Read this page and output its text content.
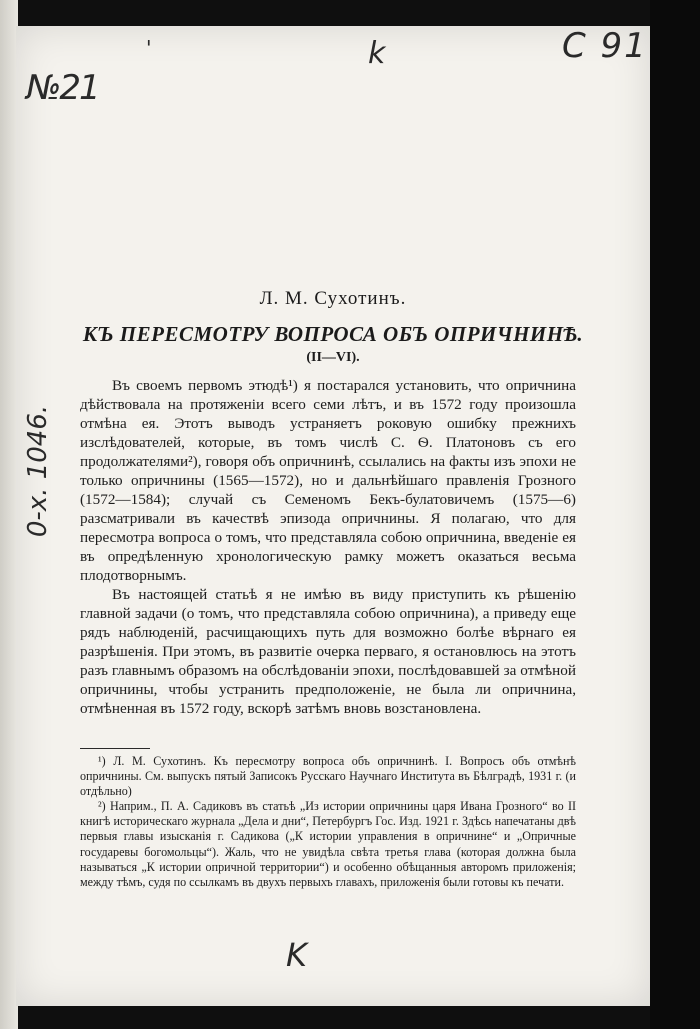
№21
'	k	C 91
0-x. 1046.
K
Л. М. Сухотинъ.
КЪ ПЕРЕСМОТРУ ВОПРОСА ОБЪ ОПРИЧНИНѢ.
(II—VI).

Въ своемъ первомъ этюдѣ¹) я постарался установить, что опричнина дѣйствовала на протяженіи всего семи лѣтъ, и въ 1572 году произошла отмѣна ея. Этотъ выводъ устраняетъ роковую ошибку прежнихъ изслѣдователей, которые, въ томъ числѣ С. Ѳ. Платоновъ съ его продолжателями²), говоря объ опричнинѣ, ссылались на факты изъ эпохи не только опричнины (1565—1572), но и дальнѣйшаго правленія Грозного (1572—1584); случай съ Семеномъ Бекъ-булатовичемъ (1575—6) разсматривали въ качествѣ эпизода опричнины. Я полагаю, что для пересмотра вопроса о томъ, что представляла собою опричнина, введеніе ея въ опредѣленную хронологическую рамку можетъ оказаться весьма плодотворнымъ.

Въ настоящей статьѣ я не имѣю въ виду приступить къ рѣшенію главной задачи (о томъ, что представляла собою опричнина), а приведу еще рядъ наблюденій, расчищающихъ путь для возможно болѣе вѣрнаго ея разрѣшенія. При этомъ, въ развитіе очерка перваго, я остановлюсь на этотъ разъ главнымъ образомъ на обслѣдованіи эпохи, послѣдовавшей за отмѣной опричнины, чтобы устранить предположеніе, не была ли опричнина, отмѣненная въ 1572 году, вскорѣ затѣмъ вновь возстановлена.

¹) Л. М. Сухотинъ. Къ пересмотру вопроса объ опричнинѣ. I. Вопросъ объ отмѣнѣ опричнины. См. выпускъ пятый Записокъ Русскаго Научнаго Института въ Бѣлградѣ, 1931 г. (и отдѣльно)

²) Наприм., П. А. Садиковъ въ статьѣ „Из истории опричнины царя Ивана Грозного“ во II книгѣ историческаго журнала „Дела и дни“, Петербургъ Гос. Изд. 1921 г. Здѣсь напечатаны двѣ первыя главы изысканія г. Садикова („К истории управления в опричнине“ и „Опричные государевы богомольцы“). Жаль, что не увидѣла свѣта третья глава (которая должна была называться „К истории опричной территории“) и особенно обѣщанныя авторомъ приложенія; между тѣмъ, судя по ссылкамъ въ двухъ первыхъ главахъ, приложенія были готовы къ печати.
